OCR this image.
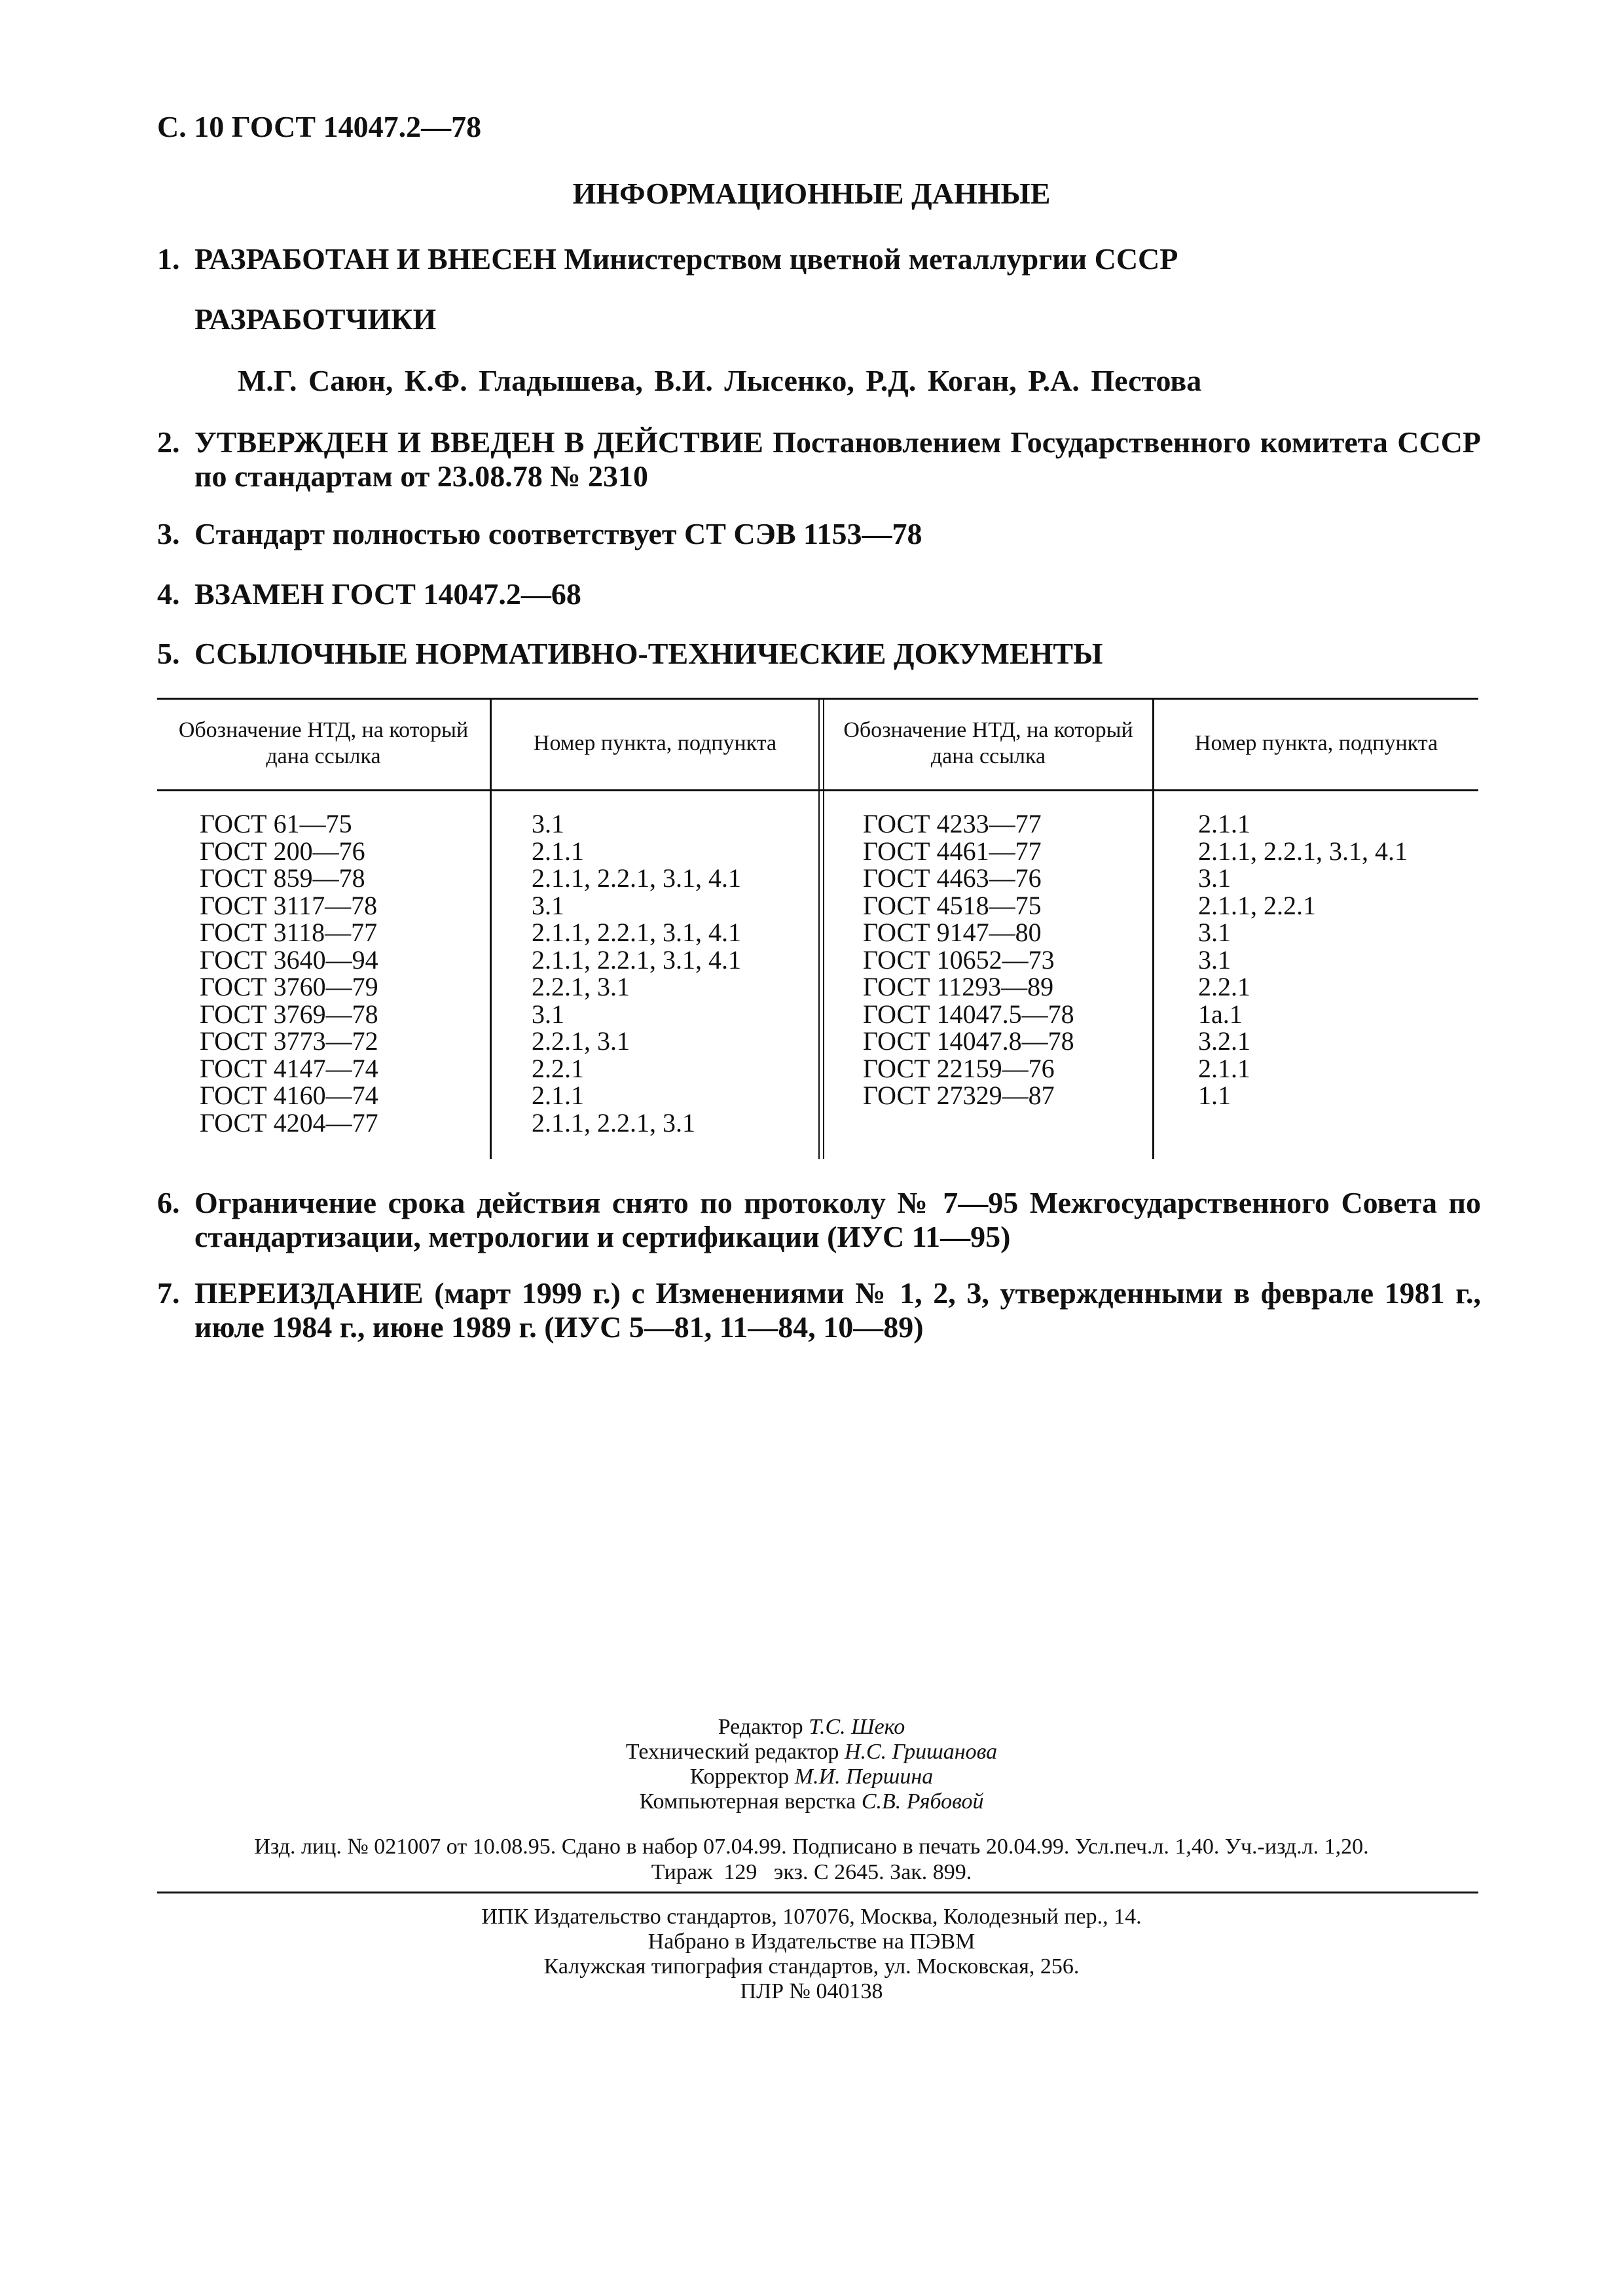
С. 10 ГОСТ 14047.2—78
ИНФОРМАЦИОННЫЕ ДАННЫЕ
1. РАЗРАБОТАН И ВНЕСЕН Министерством цветной металлургии СССР
РАЗРАБОТЧИКИ
М.Г. Саюн, К.Ф. Гладышева, В.И. Лысенко, Р.Д. Коган, Р.А. Пестова
2. УТВЕРЖДЕН И ВВЕДЕН В ДЕЙСТВИЕ Постановлением Государственного комитета СССР по стандартам от 23.08.78 № 2310
3. Стандарт полностью соответствует СТ СЭВ 1153—78
4. ВЗАМЕН ГОСТ 14047.2—68
5. ССЫЛОЧНЫЕ НОРМАТИВНО-ТЕХНИЧЕСКИЕ ДОКУМЕНТЫ
Обозначение НТД, на который дана ссылка
Номер пункта, подпункта
Обозначение НТД, на который дана ссылка
Номер пункта, подпункта
ГОСТ 61—75
ГОСТ 200—76
ГОСТ 859—78
ГОСТ 3117—78
ГОСТ 3118—77
ГОСТ 3640—94
ГОСТ 3760—79
ГОСТ 3769—78
ГОСТ 3773—72
ГОСТ 4147—74
ГОСТ 4160—74
ГОСТ 4204—77
3.1
2.1.1
2.1.1, 2.2.1, 3.1, 4.1
3.1
2.1.1, 2.2.1, 3.1, 4.1
2.1.1, 2.2.1, 3.1, 4.1
2.2.1, 3.1
3.1
2.2.1, 3.1
2.2.1
2.1.1
2.1.1, 2.2.1, 3.1
ГОСТ 4233—77
ГОСТ 4461—77
ГОСТ 4463—76
ГОСТ 4518—75
ГОСТ 9147—80
ГОСТ 10652—73
ГОСТ 11293—89
ГОСТ 14047.5—78
ГОСТ 14047.8—78
ГОСТ 22159—76
ГОСТ 27329—87
2.1.1
2.1.1, 2.2.1, 3.1, 4.1
3.1
2.1.1, 2.2.1
3.1
3.1
2.2.1
1а.1
3.2.1
2.1.1
1.1
6. Ограничение срока действия снято по протоколу № 7—95 Межгосударственного Совета по стандартизации, метрологии и сертификации (ИУС 11—95)
7. ПЕРЕИЗДАНИЕ (март 1999 г.) с Изменениями № 1, 2, 3, утвержденными в феврале 1981 г., июле 1984 г., июне 1989 г. (ИУС 5—81, 11—84, 10—89)
Редактор Т.С. Шеко
Технический редактор Н.С. Гришанова
Корректор М.И. Першина
Компьютерная верстка С.В. Рябовой
Изд. лиц. № 021007 от 10.08.95. Сдано в набор 07.04.99. Подписано в печать 20.04.99. Усл.печ.л. 1,40. Уч.-изд.л. 1,20.
Тираж  129   экз. С 2645. Зак. 899.
ИПК Издательство стандартов, 107076, Москва, Колодезный пер., 14.
Набрано в Издательстве на ПЭВМ
Калужская типография стандартов, ул. Московская, 256.
ПЛР № 040138
